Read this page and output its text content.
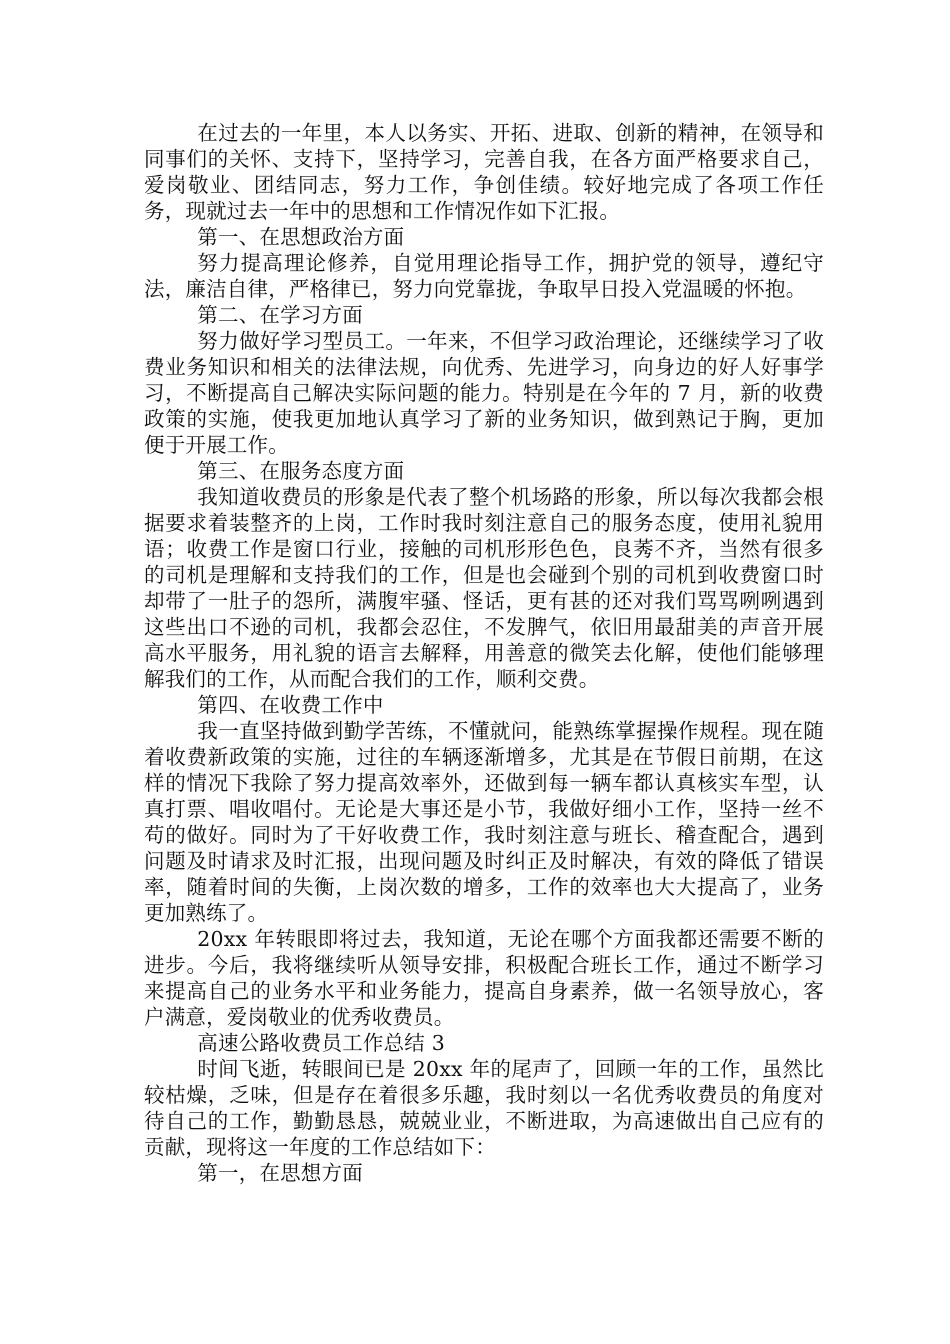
在过去的一年里，本人以务实、开拓、进取、创新的精神，在领导和同事们的关怀、支持下，坚持学习，完善自我，在各方面严格要求自己，爱岗敬业、团结同志，努力工作，争创佳绩。较好地完成了各项工作任务，现就过去一年中的思想和工作情况作如下汇报。

第一、在思想政治方面

努力提高理论修养，自觉用理论指导工作，拥护党的领导，遵纪守法，廉洁自律，严格律已，努力向党靠拢，争取早日投入党温暖的怀抱。

第二、在学习方面

努力做好学习型员工。一年来，不但学习政治理论，还继续学习了收费业务知识和相关的法律法规，向优秀、先进学习，向身边的好人好事学习，不断提高自己解决实际问题的能力。特别是在今年的 7 月，新的收费政策的实施，使我更加地认真学习了新的业务知识，做到熟记于胸，更加便于开展工作。

第三、在服务态度方面

我知道收费员的形象是代表了整个机场路的形象，所以每次我都会根据要求着装整齐的上岗，工作时我时刻注意自己的服务态度，使用礼貌用语；收费工作是窗口行业，接触的司机形形色色，良莠不齐，当然有很多的司机是理解和支持我们的工作，但是也会碰到个别的司机到收费窗口时却带了一肚子的怨所，满腹牢骚、怪话，更有甚的还对我们骂骂咧咧遇到这些出口不逊的司机，我都会忍住，不发脾气，依旧用最甜美的声音开展高水平服务，用礼貌的语言去解释，用善意的微笑去化解，使他们能够理解我们的工作，从而配合我们的工作，顺利交费。

第四、在收费工作中

我一直坚持做到勤学苦练，不懂就问，能熟练掌握操作规程。现在随着收费新政策的实施，过往的车辆逐渐增多，尤其是在节假日前期，在这样的情况下我除了努力提高效率外，还做到每一辆车都认真核实车型，认真打票、唱收唱付。无论是大事还是小节，我做好细小工作，坚持一丝不苟的做好。同时为了干好收费工作，我时刻注意与班长、稽查配合，遇到问题及时请求及时汇报，出现问题及时纠正及时解决，有效的降低了错误率，随着时间的失衡，上岗次数的增多，工作的效率也大大提高了，业务更加熟练了。

20xx 年转眼即将过去，我知道，无论在哪个方面我都还需要不断的进步。今后，我将继续听从领导安排，积极配合班长工作，通过不断学习来提高自己的业务水平和业务能力，提高自身素养，做一名领导放心，客户满意，爱岗敬业的优秀收费员。

高速公路收费员工作总结 3

时间飞逝，转眼间已是 20xx 年的尾声了，回顾一年的工作，虽然比较枯燥，乏味，但是存在着很多乐趣，我时刻以一名优秀收费员的角度对待自己的工作，勤勤恳恳，兢兢业业，不断进取，为高速做出自己应有的贡献，现将这一年度的工作总结如下：

第一，在思想方面
